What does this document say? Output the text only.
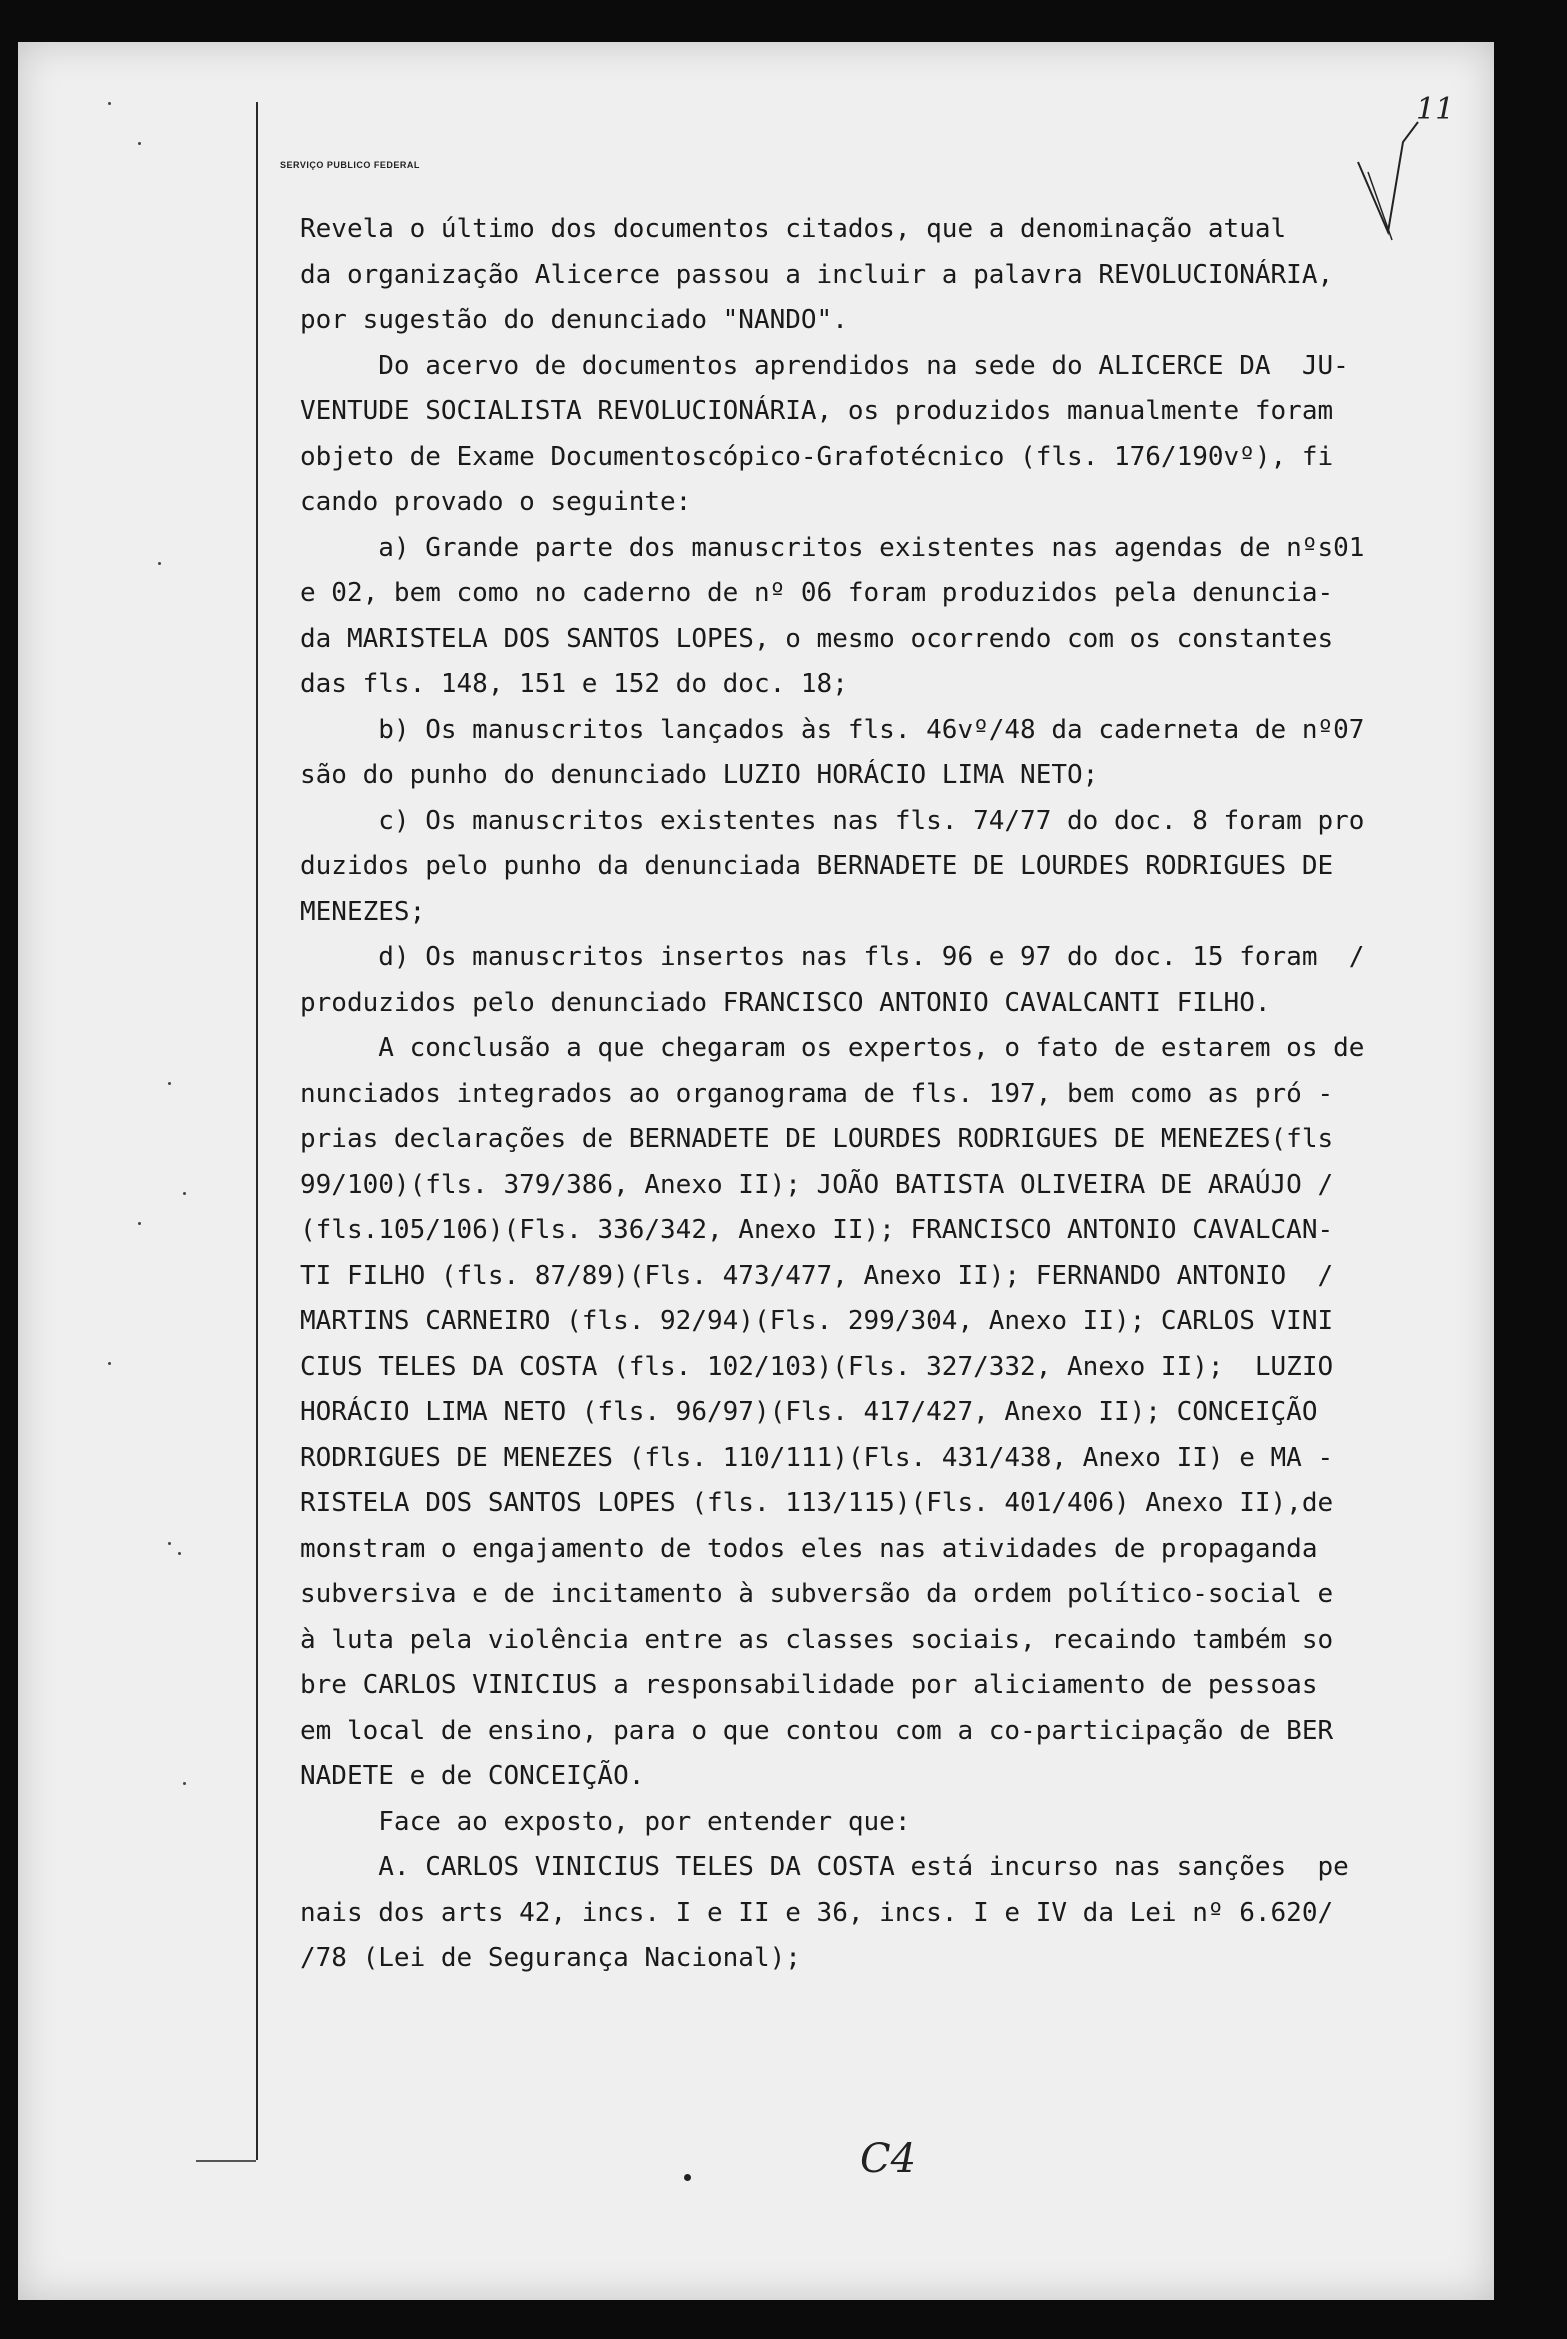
SERVIÇO PUBLICO FEDERAL
11
Revela o último dos documentos citados, que a denominação atual
da organização Alicerce passou a incluir a palavra REVOLUCIONÁRIA,
por sugestão do denunciado "NANDO".
Do acervo de documentos aprendidos na sede do ALICERCE DA  JU-
VENTUDE SOCIALISTA REVOLUCIONÁRIA, os produzidos manualmente foram
objeto de Exame Documentoscópico-Grafotécnico (fls. 176/190vº), fi
cando provado o seguinte:
a) Grande parte dos manuscritos existentes nas agendas de nºs01
e 02, bem como no caderno de nº 06 foram produzidos pela denuncia-
da MARISTELA DOS SANTOS LOPES, o mesmo ocorrendo com os constantes
das fls. 148, 151 e 152 do doc. 18;
b) Os manuscritos lançados às fls. 46vº/48 da caderneta de nº07
são do punho do denunciado LUZIO HORÁCIO LIMA NETO;
c) Os manuscritos existentes nas fls. 74/77 do doc. 8 foram pro
duzidos pelo punho da denunciada BERNADETE DE LOURDES RODRIGUES DE
MENEZES;
d) Os manuscritos insertos nas fls. 96 e 97 do doc. 15 foram  /
produzidos pelo denunciado FRANCISCO ANTONIO CAVALCANTI FILHO.
A conclusão a que chegaram os expertos, o fato de estarem os de
nunciados integrados ao organograma de fls. 197, bem como as pró -
prias declarações de BERNADETE DE LOURDES RODRIGUES DE MENEZES(fls
99/100)(fls. 379/386, Anexo II); JOÃO BATISTA OLIVEIRA DE ARAÚJO /
(fls.105/106)(Fls. 336/342, Anexo II); FRANCISCO ANTONIO CAVALCAN-
TI FILHO (fls. 87/89)(Fls. 473/477, Anexo II); FERNANDO ANTONIO  /
MARTINS CARNEIRO (fls. 92/94)(Fls. 299/304, Anexo II); CARLOS VINI
CIUS TELES DA COSTA (fls. 102/103)(Fls. 327/332, Anexo II);  LUZIO
HORÁCIO LIMA NETO (fls. 96/97)(Fls. 417/427, Anexo II); CONCEIÇÃO
RODRIGUES DE MENEZES (fls. 110/111)(Fls. 431/438, Anexo II) e MA -
RISTELA DOS SANTOS LOPES (fls. 113/115)(Fls. 401/406) Anexo II),de
monstram o engajamento de todos eles nas atividades de propaganda
subversiva e de incitamento à subversão da ordem político-social e
à luta pela violência entre as classes sociais, recaindo também so
bre CARLOS VINICIUS a responsabilidade por aliciamento de pessoas
em local de ensino, para o que contou com a co-participação de BER
NADETE e de CONCEIÇÃO.
Face ao exposto, por entender que:
A. CARLOS VINICIUS TELES DA COSTA está incurso nas sanções  pe
nais dos arts 42, incs. I e II e 36, incs. I e IV da Lei nº 6.620/
/78 (Lei de Segurança Nacional);
C4
